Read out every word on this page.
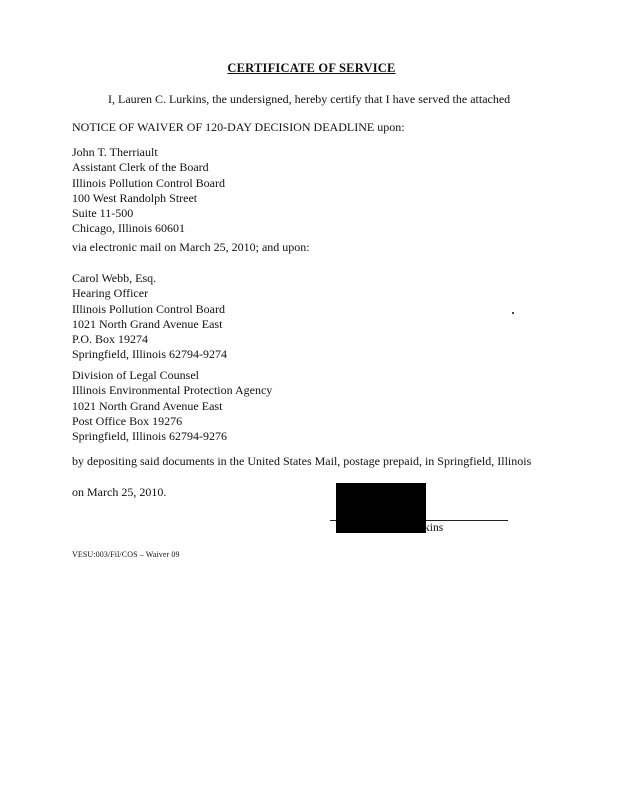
CERTIFICATE OF SERVICE
I, Lauren C. Lurkins, the undersigned, hereby certify that I have served the attached
NOTICE OF WAIVER OF 120-DAY DECISION DEADLINE upon:
John T. Therriault
Assistant Clerk of the Board
Illinois Pollution Control Board
100 West Randolph Street
Suite 11-500
Chicago, Illinois 60601
via electronic mail on March 25, 2010; and upon:
Carol Webb, Esq.
Hearing Officer
Illinois Pollution Control Board
1021 North Grand Avenue East
P.O. Box 19274
Springfield, Illinois 62794-9274
Division of Legal Counsel
Illinois Environmental Protection Agency
1021 North Grand Avenue East
Post Office Box 19276
Springfield, Illinois 62794-9276
by depositing said documents in the United States Mail, postage prepaid, in Springfield, Illinois
on March 25, 2010.
kins
VESU:003/Fil/COS – Waiver 09
